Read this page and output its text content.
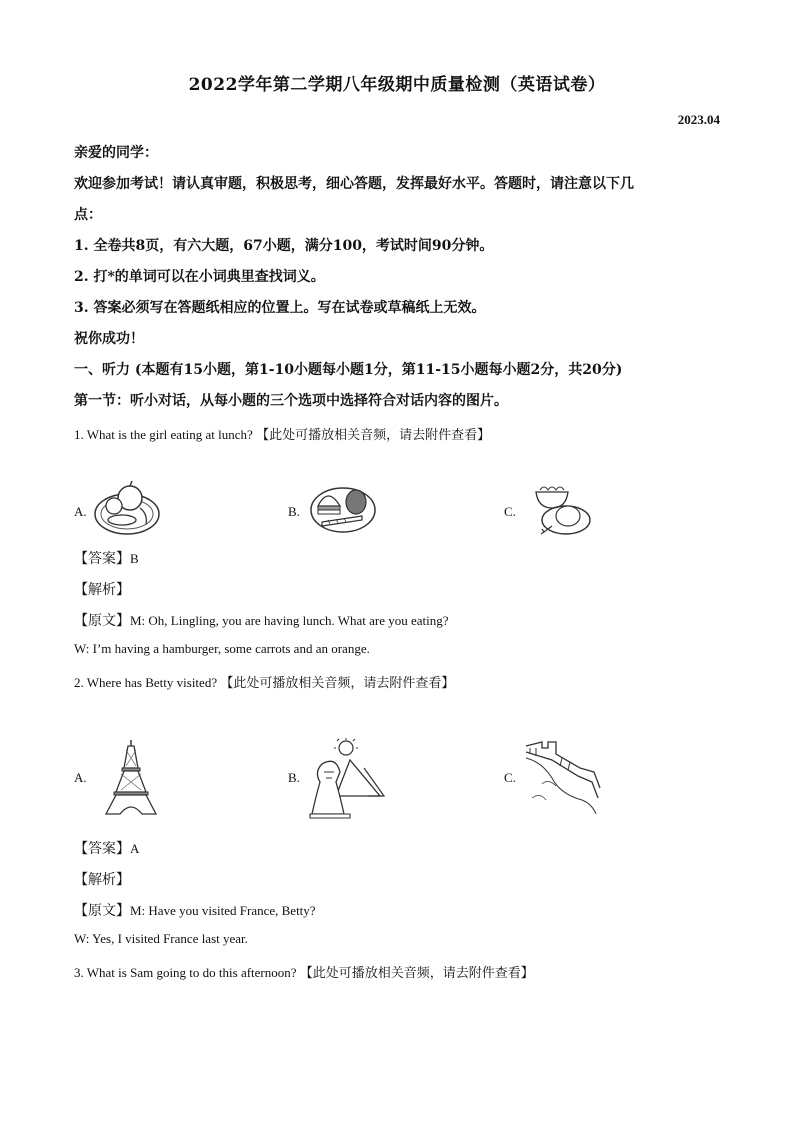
2022学年第二学期八年级期中质量检测（英语试卷）
2023.04
亲爱的同学：
欢迎参加考试！请认真审题，积极思考，细心答题，发挥最好水平。答题时，请注意以下几
点：
1. 全卷共8页，有六大题，67小题，满分100，考试时间90分钟。
2. 打*的单词可以在小词典里查找词义。
3. 答案必须写在答题纸相应的位置上。写在试卷或草稿纸上无效。
祝你成功！
一、听力 (本题有15小题，第1-10小题每小题1分，第11-15小题每小题2分，共20分)
第一节：听小对话，从每小题的三个选项中选择符合对话内容的图片。
1. What is the girl eating at lunch? 【此处可播放相关音频，请去附件查看】
A.	B.	C.
【答案】B
【解析】
【原文】M: Oh, Lingling, you are having lunch. What are you eating?
W: I’m having a hamburger, some carrots and an orange.
2. Where has Betty visited? 【此处可播放相关音频，请去附件查看】
A.	B.	C.
【答案】A
【解析】
【原文】M: Have you visited France, Betty?
W: Yes, I visited France last year.
3. What is Sam going to do this afternoon? 【此处可播放相关音频，请去附件查看】
